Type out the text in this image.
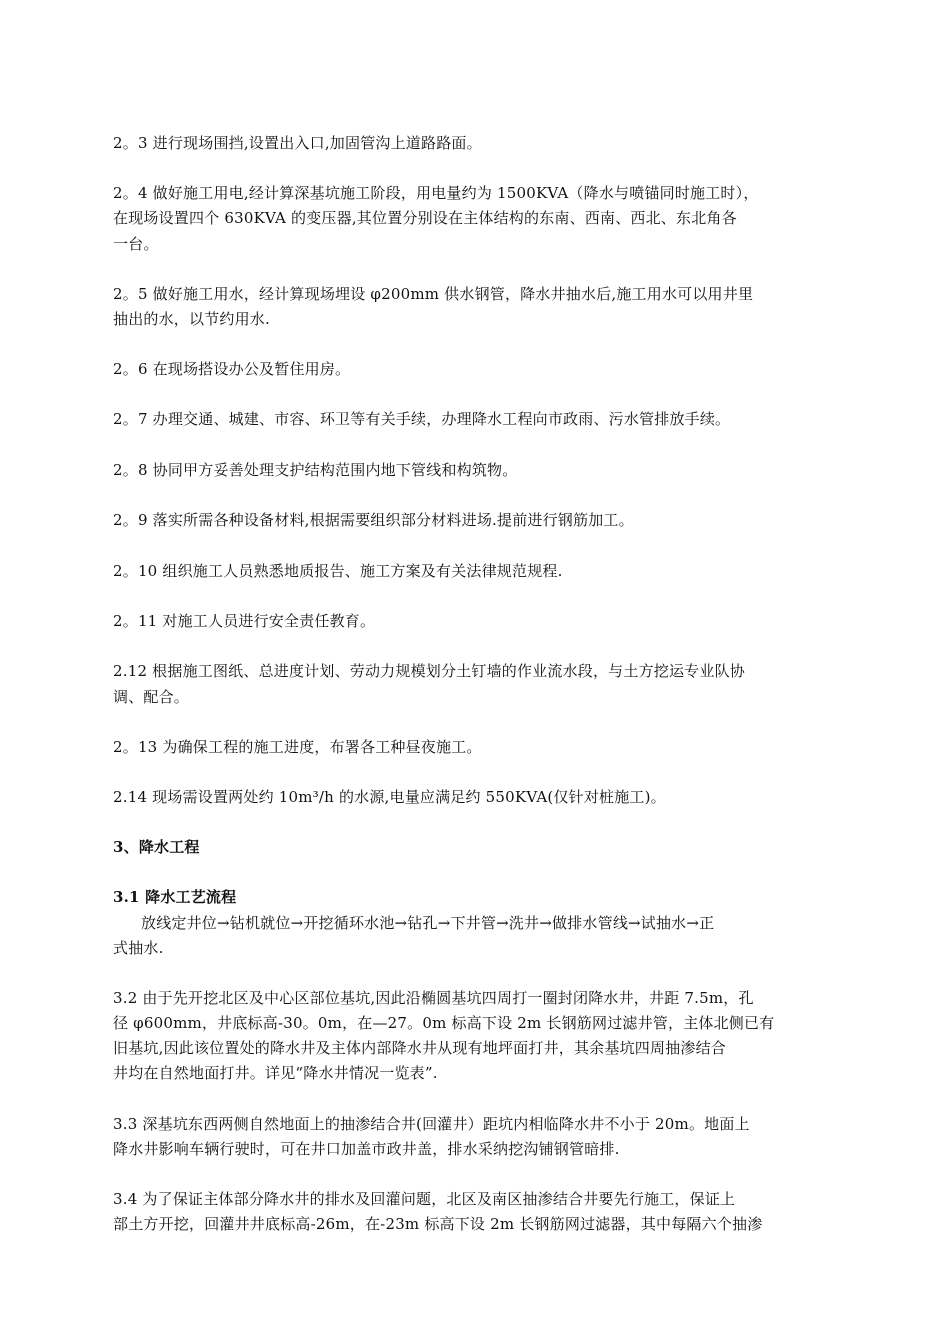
2。3 进行现场围挡,设置出入口,加固管沟上道路路面。
2。4 做好施工用电,经计算深基坑施工阶段，用电量约为 1500KVA（降水与喷锚同时施工时），
在现场设置四个 630KVA 的变压器,其位置分别设在主体结构的东南、西南、西北、东北角各
一台。
2。5 做好施工用水，经计算现场埋设 φ200mm 供水钢管，降水井抽水后,施工用水可以用井里
抽出的水，以节约用水.
2。6 在现场搭设办公及暂住用房。
2。7 办理交通、城建、市容、环卫等有关手续，办理降水工程向市政雨、污水管排放手续。
2。8 协同甲方妥善处理支护结构范围内地下管线和构筑物。
2。9 落实所需各种设备材料,根据需要组织部分材料进场.提前进行钢筋加工。
2。10 组织施工人员熟悉地质报告、施工方案及有关法律规范规程.
2。11 对施工人员进行安全责任教育。
2.12 根据施工图纸、总进度计划、劳动力规模划分土钉墙的作业流水段，与土方挖运专业队协
调、配合。
2。13 为确保工程的施工进度，布署各工种昼夜施工。
2.14 现场需设置两处约 10m³/h 的水源,电量应满足约 550KVA(仅针对桩施工)。
3、降水工程
3.1 降水工艺流程
放线定井位→钻机就位→开挖循环水池→钻孔→下井管→洗井→做排水管线→试抽水→正
式抽水.
3.2 由于先开挖北区及中心区部位基坑,因此沿椭圆基坑四周打一圈封闭降水井，井距 7.5m，孔
径 φ600mm，井底标高-30。0m，在—27。0m 标高下设 2m 长钢筋网过滤井管，主体北侧已有
旧基坑,因此该位置处的降水井及主体内部降水井从现有地坪面打井，其余基坑四周抽渗结合
井均在自然地面打井。详见“降水井情况一览表”.
3.3 深基坑东西两侧自然地面上的抽渗结合井(回灌井）距坑内相临降水井不小于 20m。地面上
降水井影响车辆行驶时，可在井口加盖市政井盖，排水采纳挖沟铺钢管暗排.
3.4 为了保证主体部分降水井的排水及回灌问题，北区及南区抽渗结合井要先行施工，保证上
部土方开挖，回灌井井底标高-26m，在-23m 标高下设 2m 长钢筋网过滤器，其中每隔六个抽渗
